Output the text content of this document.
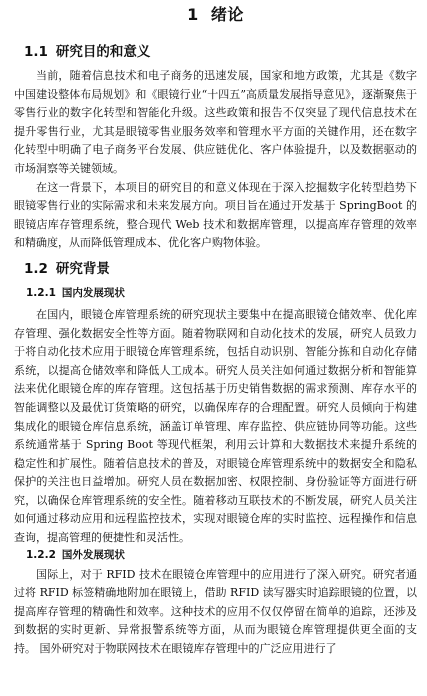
1 绪论
1.1 研究目的和意义

当前，随着信息技术和电子商务的迅速发展，国家和地方政策，尤其是《数字中国建设整体布局规划》和《眼镜行业“十四五”高质量发展指导意见》，逐渐聚焦于零售行业的数字化转型和智能化升级。这些政策和报告不仅突显了现代信息技术在提升零售行业，尤其是眼镜零售业服务效率和管理水平方面的关键作用，还在数字化转型中明确了电子商务平台发展、供应链优化、客户体验提升，以及数据驱动的市场洞察等关键领域。

在这一背景下，本项目的研究目的和意义体现在于深入挖掘数字化转型趋势下眼镜零售行业的实际需求和未来发展方向。项目旨在通过开发基于 SpringBoot 的眼镜店库存管理系统，整合现代 Web 技术和数据库管理，以提高库存管理的效率和精确度，从而降低管理成本、优化客户购物体验。

1.2 研究背景
1.2.1 国内发展现状

在国内，眼镜仓库管理系统的研究现状主要集中在提高眼镜仓储效率、优化库存管理、强化数据安全性等方面。随着物联网和自动化技术的发展，研究人员致力于将自动化技术应用于眼镜仓库管理系统，包括自动识别、智能分拣和自动化存储系统，以提高仓储效率和降低人工成本。研究人员关注如何通过数据分析和智能算法来优化眼镜仓库的库存管理。这包括基于历史销售数据的需求预测、库存水平的智能调整以及最优订货策略的研究，以确保库存的合理配置。研究人员倾向于构建集成化的眼镜仓库信息系统，涵盖订单管理、库存监控、供应链协同等功能。这些系统通常基于 Spring Boot 等现代框架，利用云计算和大数据技术来提升系统的稳定性和扩展性。随着信息技术的普及，对眼镜仓库管理系统中的数据安全和隐私保护的关注也日益增加。研究人员在数据加密、权限控制、身份验证等方面进行研究，以确保仓库管理系统的安全性。随着移动互联技术的不断发展，研究人员关注如何通过移动应用和远程监控技术，实现对眼镜仓库的实时监控、远程操作和信息查询，提高管理的便捷性和灵活性。

1.2.2 国外发展现状

国际上，对于 RFID 技术在眼镜仓库管理中的应用进行了深入研究。研究者通过将 RFID 标签精确地附加在眼镜上，借助 RFID 读写器实时追踪眼镜的位置，以提高库存管理的精确性和效率。这种技术的应用不仅仅停留在简单的追踪，还涉及到数据的实时更新、异常报警系统等方面，从而为眼镜仓库管理提供更全面的支持。 国外研究对于物联网技术在眼镜库存管理中的广泛应用进行了
